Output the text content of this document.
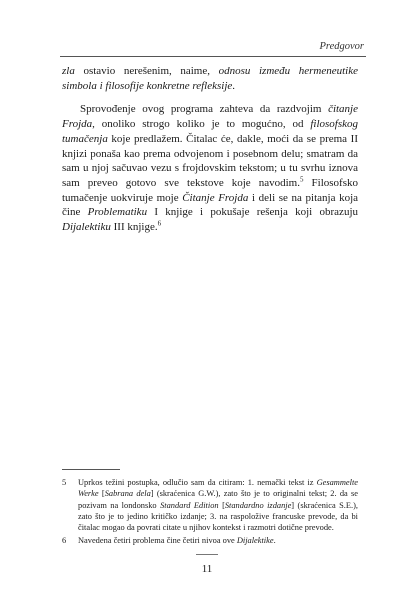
Predgovor

zla ostavio nerešenim, naime, odnosu između hermeneutike simbola i filosofije konkretne refleksije.

Sprovođenje ovog programa zahteva da razdvojim čitanje Frojda, onoliko strogo koliko je to mogućno, od filosofskog tumačenja koje predlažem. Čitalac će, dakle, moći da se prema II knjizi ponaša kao prema odvojenom i posebnom delu; smatram da sam u njoj sačuvao vezu s frojdovskim tekstom; u tu svrhu iznova sam preveo gotovo sve tekstove koje navodim.$^5$ Filosofsko tumačenje uokviruje moje Čitanje Frojda i deli se na pitanja koja čine Problematiku I knjige i pokušaje rešenja koji obrazuju Dijalektiku III knjige.$^6$

5	Uprkos težini postupka, odlučio sam da citiram: 1. nemački tekst iz Gesammelte Werke [Sabrana dela] (skraćenica G.W.), zato što je to originalni tekst; 2. da se pozivam na londonsko Standard Edition [Standardno izdanje] (skraćenica S.E.), zato što je to jedino kritičko izdanje; 3. na raspoložive francuske prevode, da bi čitalac mogao da povrati citate u njihov kontekst i razmotri dotične prevode.
6	Navedena četiri problema čine četiri nivoa ove Dijalektike.
11
